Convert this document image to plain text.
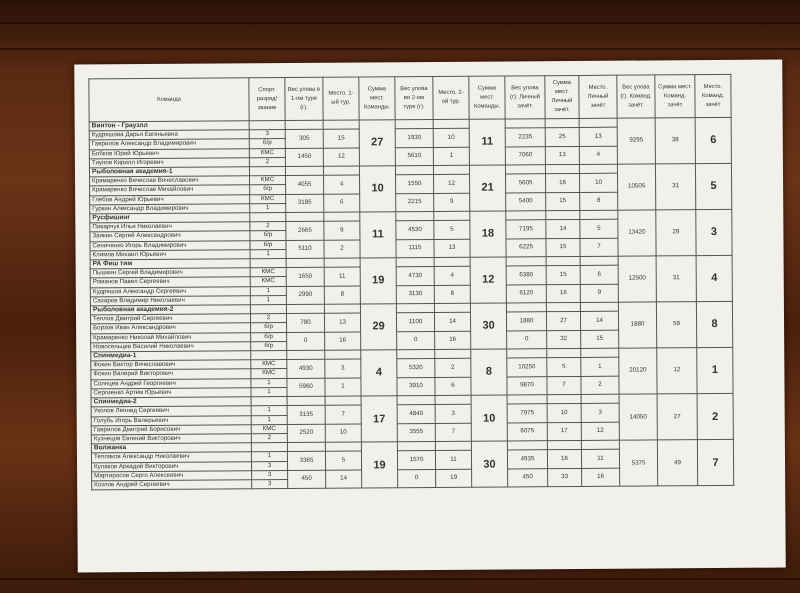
Команда	Спорт. разряд/ звание	Вес улова в 1-ом туре (г).	Место. 1-ый тур.	Сумма мест. Команды.	Вес улова во 2-ом туре (г).	Место. 2-ой тур.	Сумма мест. Команды.	Вес улова (г). Личный зачёт.	Сумма мест. Личный зачёт.	Место. Личный зачёт	Вес улова (г). Команд. зачёт.	Сумма мест. Команд. зачёт	Место. Команд. зачёт
Винтон - Граузлл				27			11				9295	38	6
Кудряшова Дарья Евгеньевна	3	305	15		1930	10		2235	25	13			
Гаврилов Александр Владимирович	б/р												
Бобков Юрий Юрьевич	КМС	1450	12		5610	1		7060	13	4			
Тиунов Кирилл Игоревич	2												
Рыболовная академия-1				10			21				10505	31	5
Крамаренко Вячеслав Вячеславович	КМС	4055	4		1550	12		5605	16	10			
Крамаренко Вячеслав Михайлович	б/р												
Глебов Андрей Юрьевич	КМС	3185	6		2215	9		5400	15	8			
Гуркин Александр Владимирович	1												
Руcфишинг				11			18				13420	29	3
Пиварчук Илья Николаевич	2	2665	9		4530	5		7195	14	5			
Заякин Сергей Александрович	б/р												
Сениченко Игорь Владимирович	б/р	5110	2		1115	13		6225	15	7			
Климов Михаил Юрьевич	1												
РА Фиш тим				19			12				12500	31	4
Пышкин Сергей Владимирович	КМС	1650	11		4730	4		6380	15	6			
Романов Павел Сергеевич	КМС												
Кудряшов Александр Сергеевич	1	2990	8		3130	8		6120	16	9			
Сахаров Владимир Николаевич	1												
Рыболовная академия-2				29			30				1880	59	8
Теплов Дмитрий Сергеевич	2	780	13		1100	14		1880	27	14			
Борзов Иван Александрович	б/р												
Крамаренко Николай Михайлович	б/р	0	16		0	16		0	32	15			
Новосельцев Василий Николаевич	б/р												
Спинмедиа-1				4			8				20120	12	1
Фокин Виктор Вячеславович	КМС	4930	3		5320	2		10250	5	1			
Фокин Валерий Викторович	КМС												
Солнцев Андрей Георгиевич	1	5960	1		3910	6		9870	7	2			
Сергиенко Артем Юрьевич	1												
Спинмедиа-2				17			10				14050	27	2
Уколов Леонид Сергеевич	1	3135	7		4840	3		7975	10	3			
Голубь Игорь Валерьевич	1												
Гаврилов Дмитрий Борисович	КМС	2520	10		3555	7		6075	17	12			
Кузнецов Евгений Викторович	2												
Волжанка				19			30				5375	49	7
Тепляков Александр Николаевич	1	3365	5		1570	11		4935	16	11			
Кулаков Аркадий Викторович	3												
Мартиросов Серго Алексеевич	3	450	14		0	19		450	33	16			
Козлов Андрей Сергеевич	3												
